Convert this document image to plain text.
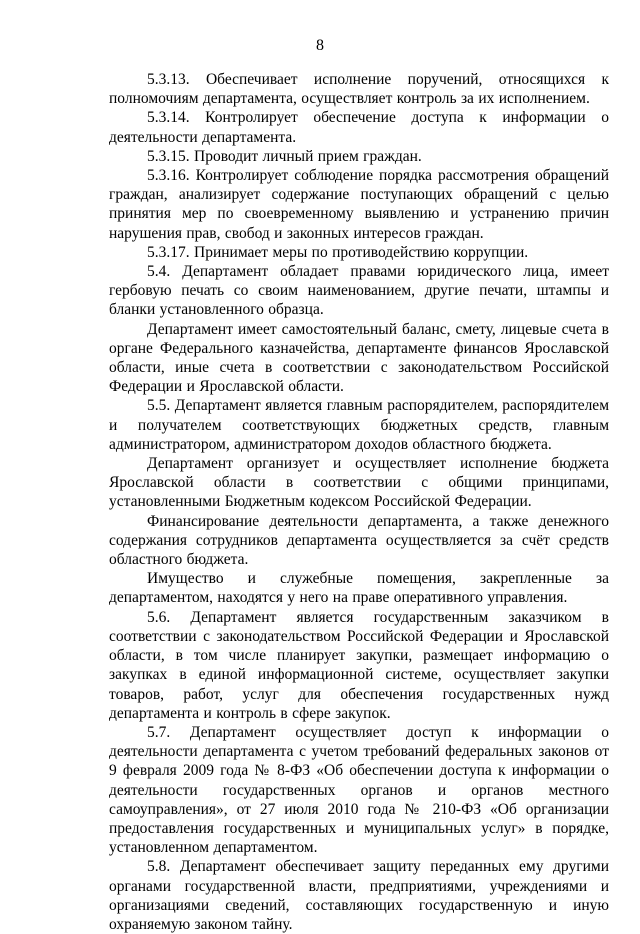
8

5.3.13. Обеспечивает исполнение поручений, относящихся к полномочиям департамента, осуществляет контроль за их исполнением.

5.3.14. Контролирует обеспечение доступа к информации о деятельности департамента.

5.3.15. Проводит личный прием граждан.

5.3.16. Контролирует соблюдение порядка рассмотрения обращений граждан, анализирует содержание поступающих обращений с целью принятия мер по своевременному выявлению и устранению причин нарушения прав, свобод и законных интересов граждан.

5.3.17. Принимает меры по противодействию коррупции.

5.4. Департамент обладает правами юридического лица, имеет гербовую печать со своим наименованием, другие печати, штампы и бланки установленного образца.

Департамент имеет самостоятельный баланс, смету, лицевые счета в органе Федерального казначейства, департаменте финансов Ярославской области, иные счета в соответствии с законодательством Российской Федерации и Ярославской области.

5.5. Департамент является главным распорядителем, распорядителем и получателем соответствующих бюджетных средств, главным администратором, администратором доходов областного бюджета.

Департамент организует и осуществляет исполнение бюджета Ярославской области в соответствии с общими принципами, установленными Бюджетным кодексом Российской Федерации.

Финансирование деятельности департамента, а также денежного содержания сотрудников департамента осуществляется за счёт средств областного бюджета.

Имущество и служебные помещения, закрепленные за департаментом, находятся у него на праве оперативного управления.

5.6. Департамент является государственным заказчиком в соответствии с законодательством Российской Федерации и Ярославской области, в том числе планирует закупки, размещает информацию о закупках в единой информационной системе, осуществляет закупки товаров, работ, услуг для обеспечения государственных нужд департамента и контроль в сфере закупок.

5.7. Департамент осуществляет доступ к информации о деятельности департамента с учетом требований федеральных законов от 9 февраля 2009 года № 8-ФЗ «Об обеспечении доступа к информации о деятельности государственных органов и органов местного самоуправления», от 27 июля 2010 года № 210-ФЗ «Об организации предоставления государственных и муниципальных услуг» в порядке, установленном департаментом.

5.8. Департамент обеспечивает защиту переданных ему другими органами государственной власти, предприятиями, учреждениями и организациями сведений, составляющих государственную и иную охраняемую законом тайну.
